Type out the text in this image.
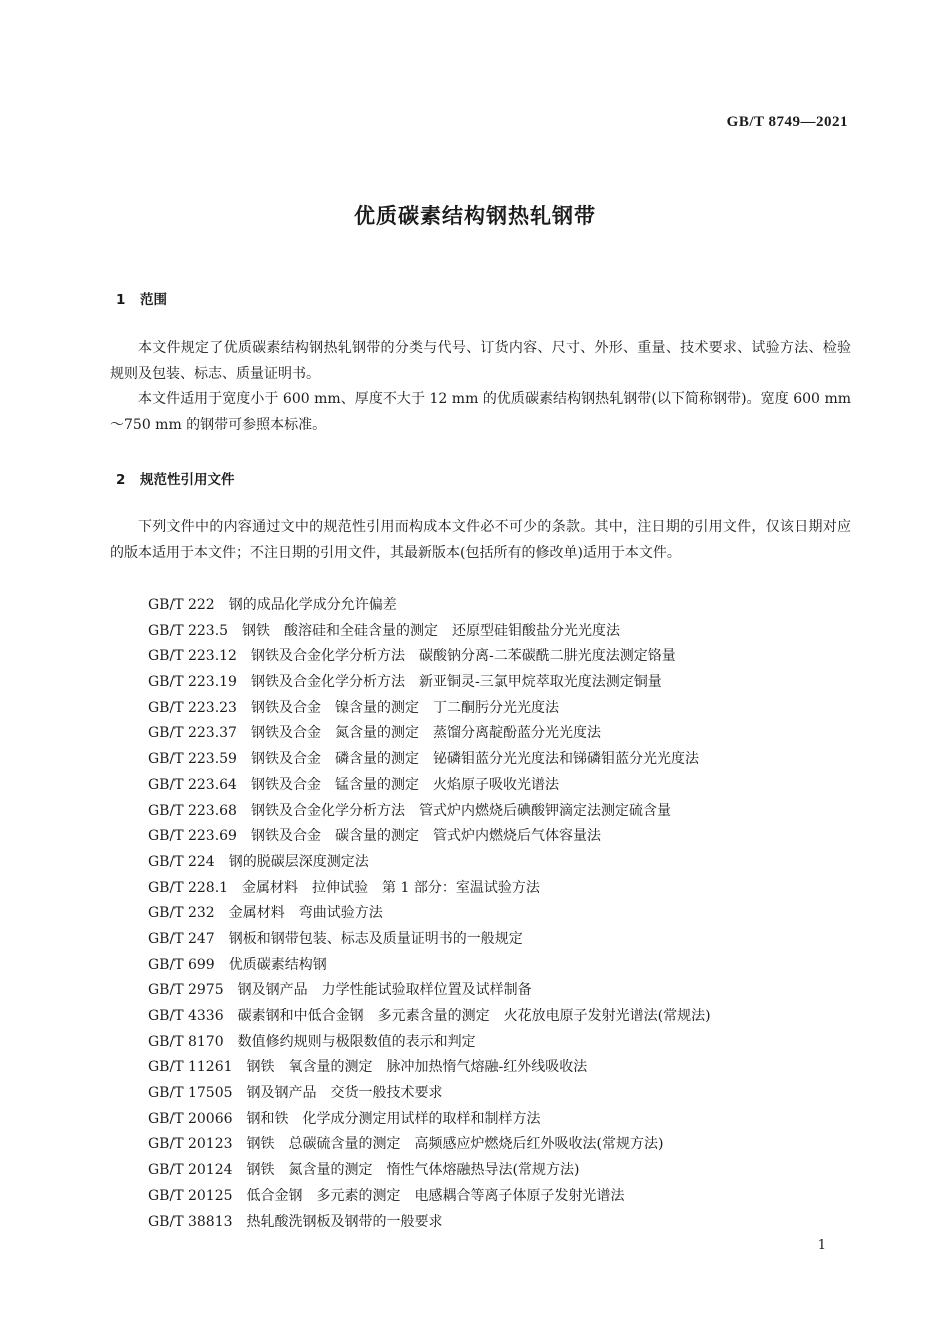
GB/T 8749—2021
优质碳素结构钢热轧钢带
1 范围
本文件规定了优质碳素结构钢热轧钢带的分类与代号、订货内容、尺寸、外形、重量、技术要求、试验方法、检验规则及包装、标志、质量证明书。
本文件适用于宽度小于 600 mm、厚度不大于 12 mm 的优质碳素结构钢热轧钢带(以下简称钢带)。宽度 600 mm～750 mm 的钢带可参照本标准。
2 规范性引用文件
下列文件中的内容通过文中的规范性引用而构成本文件必不可少的条款。其中，注日期的引用文件，仅该日期对应的版本适用于本文件；不注日期的引用文件，其最新版本(包括所有的修改单)适用于本文件。
GB/T 222　钢的成品化学成分允许偏差
GB/T 223.5　钢铁　酸溶硅和全硅含量的测定　还原型硅钼酸盐分光光度法
GB/T 223.12　钢铁及合金化学分析方法　碳酸钠分离-二苯碳酰二肼光度法测定铬量
GB/T 223.19　钢铁及合金化学分析方法　新亚铜灵-三氯甲烷萃取光度法测定铜量
GB/T 223.23　钢铁及合金　镍含量的测定　丁二酮肟分光光度法
GB/T 223.37　钢铁及合金　氮含量的测定　蒸馏分离靛酚蓝分光光度法
GB/T 223.59　钢铁及合金　磷含量的测定　铋磷钼蓝分光光度法和锑磷钼蓝分光光度法
GB/T 223.64　钢铁及合金　锰含量的测定　火焰原子吸收光谱法
GB/T 223.68　钢铁及合金化学分析方法　管式炉内燃烧后碘酸钾滴定法测定硫含量
GB/T 223.69　钢铁及合金　碳含量的测定　管式炉内燃烧后气体容量法
GB/T 224　钢的脱碳层深度测定法
GB/T 228.1　金属材料　拉伸试验　第 1 部分：室温试验方法
GB/T 232　金属材料　弯曲试验方法
GB/T 247　钢板和钢带包装、标志及质量证明书的一般规定
GB/T 699　优质碳素结构钢
GB/T 2975　钢及钢产品　力学性能试验取样位置及试样制备
GB/T 4336　碳素钢和中低合金钢　多元素含量的测定　火花放电原子发射光谱法(常规法)
GB/T 8170　数值修约规则与极限数值的表示和判定
GB/T 11261　钢铁　氧含量的测定　脉冲加热惰气熔融-红外线吸收法
GB/T 17505　钢及钢产品　交货一般技术要求
GB/T 20066　钢和铁　化学成分测定用试样的取样和制样方法
GB/T 20123　钢铁　总碳硫含量的测定　高频感应炉燃烧后红外吸收法(常规方法)
GB/T 20124　钢铁　氮含量的测定　惰性气体熔融热导法(常规方法)
GB/T 20125　低合金钢　多元素的测定　电感耦合等离子体原子发射光谱法
GB/T 38813　热轧酸洗钢板及钢带的一般要求
1
